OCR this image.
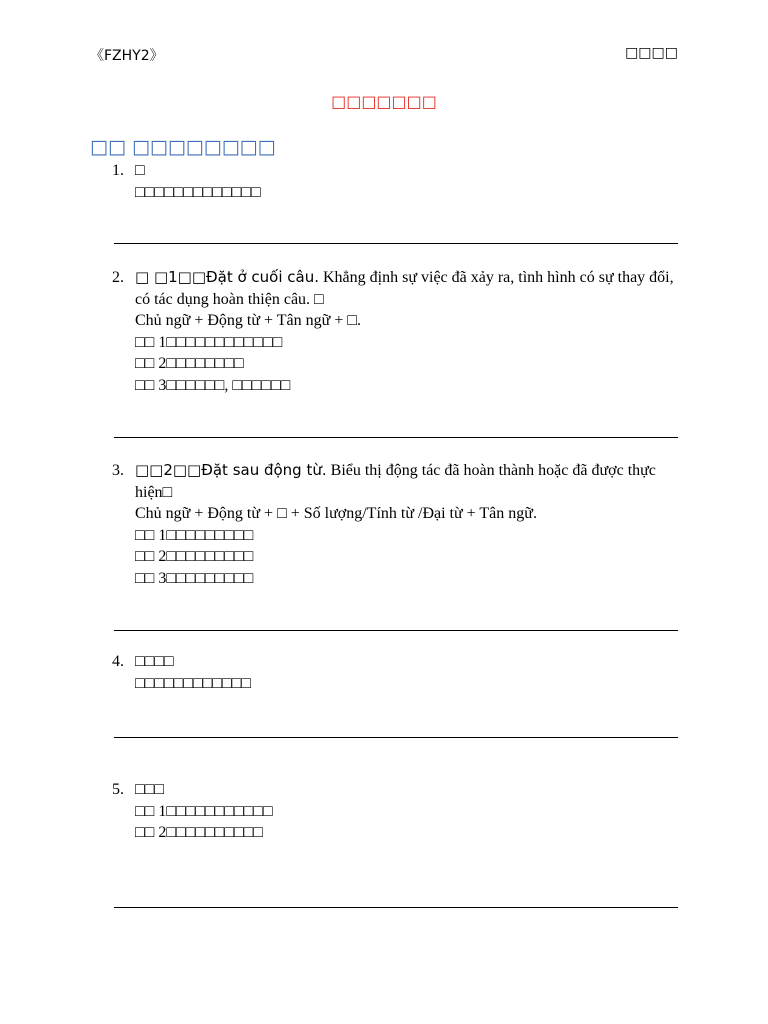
《FZHY2》	□□□□
□□□□□□□
□□ □□□□□□□□
1. □
□□□□□□□□□□□□□
2. □ □1□□Đặt ở cuối câu. Khẳng định sự việc đã xảy ra, tình hình có sự thay đổi, có tác dụng hoàn thiện câu. □
Chủ ngữ + Động từ + Tân ngữ + □.
□□ 1□□□□□□□□□□□□
□□ 2□□□□□□□□
□□ 3□□□□□□, □□□□□□
3. □□2□□Đặt sau động từ. Biểu thị động tác đã hoàn thành hoặc đã được thực hiện□
Chủ ngữ + Động từ + □ + Số lượng/Tính từ /Đại từ + Tân ngữ.
□□ 1□□□□□□□□□
□□ 2□□□□□□□□□
□□ 3□□□□□□□□□
4. □□□□
□□□□□□□□□□□□
5. □□□
□□ 1□□□□□□□□□□□
□□ 2□□□□□□□□□□
